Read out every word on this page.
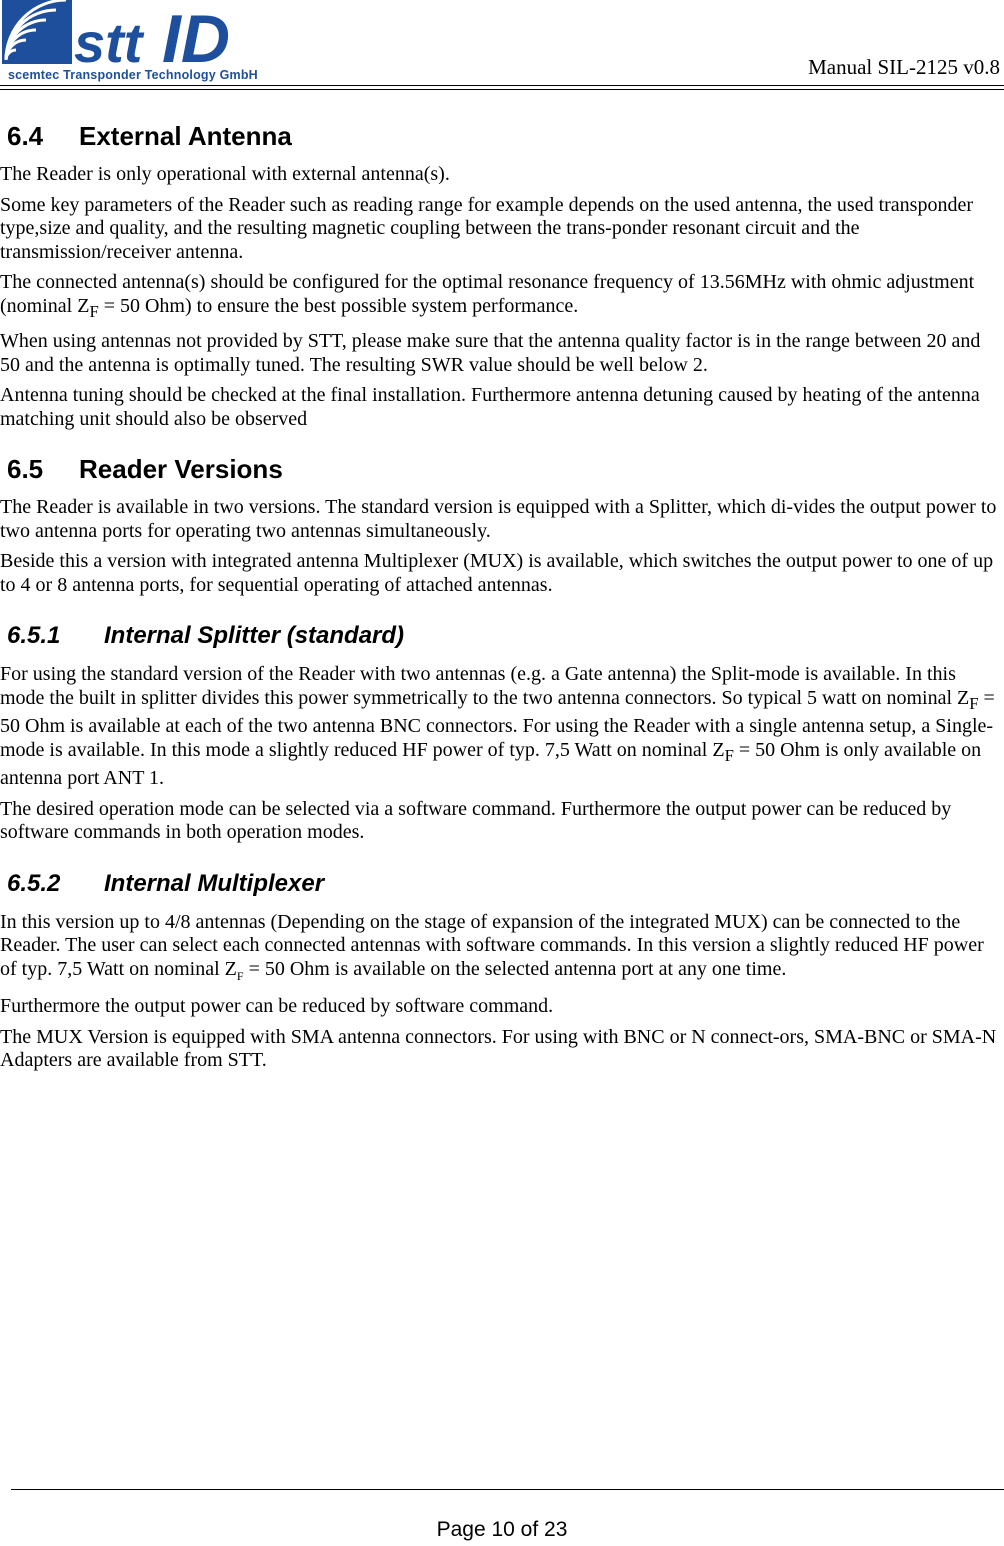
stt ID
scemtec Transponder Technology GmbH	Manual SIL-2125 v0.8
6.4	External Antenna

The Reader is only operational with external antenna(s).

Some key parameters of the Reader such as reading range for example depends on the used antenna, the used transponder type,size and quality, and the resulting magnetic coupling between the trans-ponder resonant circuit and the transmission/receiver antenna.

The connected antenna(s) should be configured for the optimal resonance frequency of 13.56MHz with ohmic adjustment (nominal $Z_F = 50$ Ohm) to ensure the best possible system performance.

When using antennas not provided by STT, please make sure that the antenna quality factor is in the range between 20 and 50 and the antenna is optimally tuned. The resulting SWR value should be well below 2.

Antenna tuning should be checked at the final installation. Furthermore antenna detuning caused by heating of the antenna matching unit should also be observed

6.5	Reader Versions

The Reader is available in two versions. The standard version is equipped with a Splitter, which di-vides the output power to two antenna ports for operating two antennas simultaneously.

Beside this a version with integrated antenna Multiplexer (MUX) is available, which switches the output power to one of up to 4 or 8 antenna ports, for sequential operating of attached antennas.

6.5.1	Internal Splitter (standard)

For using the standard version of the Reader with two antennas (e.g. a Gate antenna) the Split-mode is available. In this mode the built in splitter divides this power symmetrically to the two antenna connectors. So typical 5 watt on nominal $Z_F = 50$ Ohm is available at each of the two antenna BNC connectors. For using the Reader with a single antenna setup, a Single-mode is available. In this mode a slightly reduced HF power of typ. 7,5 Watt on nominal $Z_F = 50$ Ohm is only available on antenna port ANT 1.

The desired operation mode can be selected via a software command. Furthermore the output power can be reduced by software commands in both operation modes.

6.5.2	Internal Multiplexer

In this version up to 4/8 antennas (Depending on the stage of expansion of the integrated MUX) can be connected to the Reader. The user can select each connected antennas with software commands. In this version a slightly reduced HF power of typ. 7,5 Watt on nominal $Z_F = 50$ Ohm is available on the selected antenna port at any one time.

Furthermore the output power can be reduced by software command.

The MUX Version is equipped with SMA antenna connectors. For using with BNC or N connect-ors, SMA-BNC or SMA-N Adapters are available from STT.

Page 10 of 23
